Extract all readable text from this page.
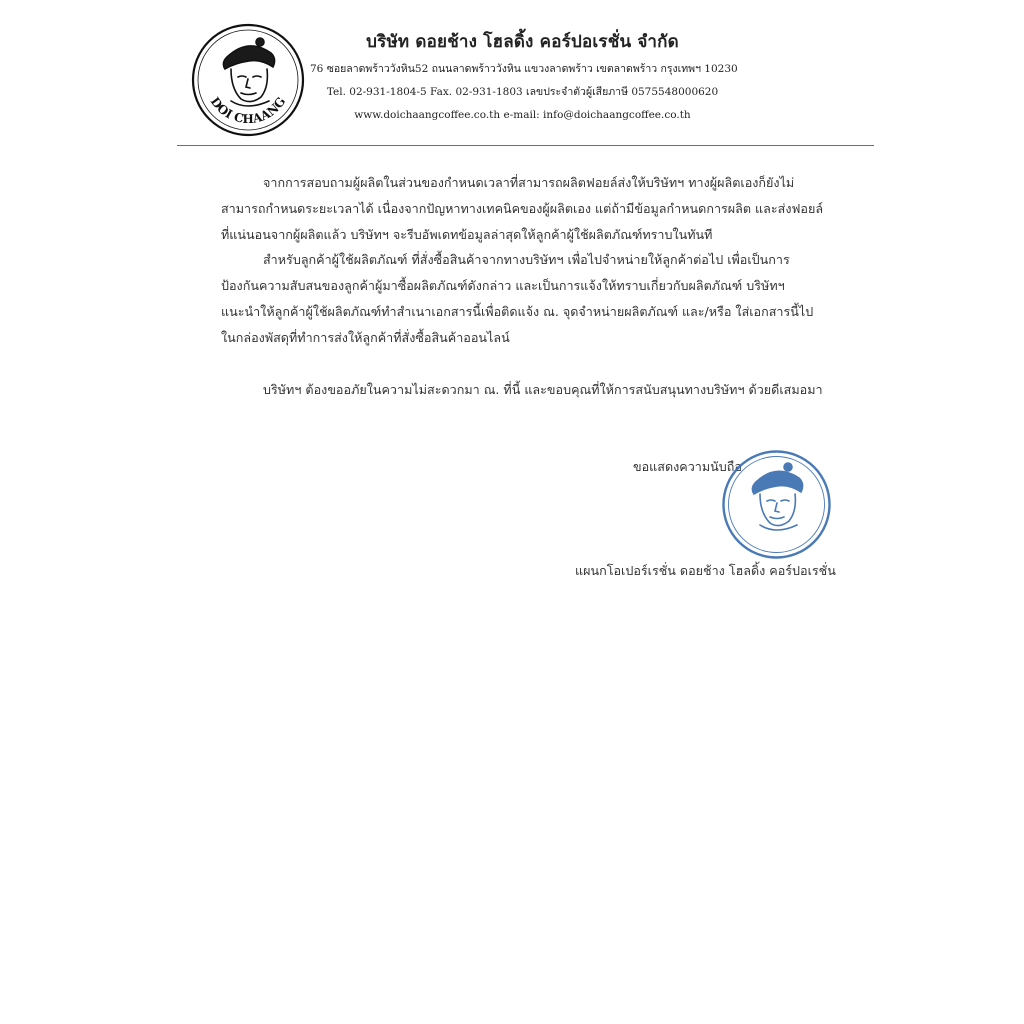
DOI CHAANG
บริษัท ดอยช้าง โฮลดิ้ง คอร์ปอเรชั่น จำกัด
76 ซอยลาดพร้าววังหิน52 ถนนลาดพร้าววังหิน แขวงลาดพร้าว เขตลาดพร้าว กรุงเทพฯ 10230
Tel. 02-931-1804-5 Fax. 02-931-1803 เลขประจำตัวผู้เสียภาษี 0575548000620
www.doichaangcoffee.co.th e-mail: info@doichaangcoffee.co.th

จากการสอบถามผู้ผลิตในส่วนของกำหนดเวลาที่สามารถผลิตฟอยล์ส่งให้บริษัทฯ ทางผู้ผลิตเองก็ยังไม่สามารถกำหนดระยะเวลาได้ เนื่องจากปัญหาทางเทคนิคของผู้ผลิตเอง แต่ถ้ามีข้อมูลกำหนดการผลิต และส่งฟอยล์ที่แน่นอนจากผู้ผลิตแล้ว บริษัทฯ จะรีบอัพเดทข้อมูลล่าสุดให้ลูกค้าผู้ใช้ผลิตภัณฑ์ทราบในทันที

สำหรับลูกค้าผู้ใช้ผลิตภัณฑ์ ที่สั่งซื้อสินค้าจากทางบริษัทฯ เพื่อไปจำหน่ายให้ลูกค้าต่อไป เพื่อเป็นการป้องกันความสับสนของลูกค้าผู้มาซื้อผลิตภัณฑ์ดังกล่าว และเป็นการแจ้งให้ทราบเกี่ยวกับผลิตภัณฑ์ บริษัทฯ แนะนำให้ลูกค้าผู้ใช้ผลิตภัณฑ์ทำสำเนาเอกสารนี้เพื่อติดแจ้ง ณ. จุดจำหน่ายผลิตภัณฑ์ และ/หรือ ใส่เอกสารนี้ไปในกล่องพัสดุที่ทำการส่งให้ลูกค้าที่สั่งซื้อสินค้าออนไลน์

บริษัทฯ ต้องขออภัยในความไม่สะดวกมา ณ. ที่นี้ และขอบคุณที่ให้การสนับสนุนทางบริษัทฯ ด้วยดีเสมอมา

ขอแสดงความนับถือ
แผนกโอเปอร์เรชั่น ดอยช้าง โฮลดิ้ง คอร์ปอเรชั่น
